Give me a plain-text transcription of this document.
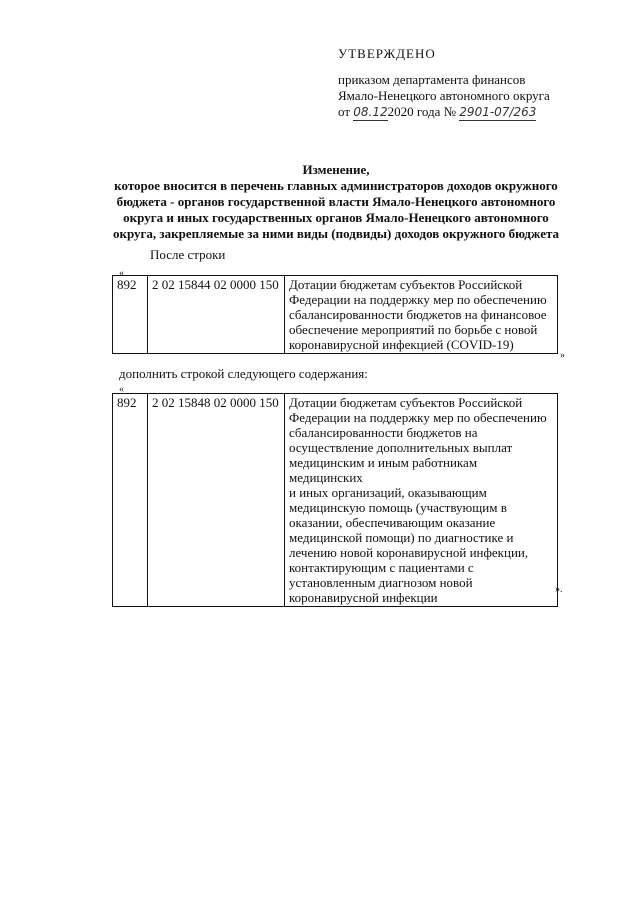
УТВЕРЖДЕНО
приказом департамента финансов
Ямало-Ненецкого автономного округа
от 08.122020 года № 2901-07/263
Изменение,
которое вносится в перечень главных администраторов доходов окружного
бюджета - органов государственной власти Ямало-Ненецкого автономного
округа и иных государственных органов Ямало-Ненецкого автономного
округа, закрепляемые за ними виды (подвиды) доходов окружного бюджета
После строки
«
892	2 02 15844 02 0000 150	Дотации бюджетам субъектов Российской
Федерации на поддержку мер по обеспечению
сбалансированности бюджетов на финансовое
обеспечение мероприятий по борьбе с новой
коронавирусной инфекцией (COVID-19)
»
дополнить строкой следующего содержания:
«
892	2 02 15848 02 0000 150	Дотации бюджетам субъектов Российской
Федерации на поддержку мер по обеспечению
сбалансированности бюджетов на
осуществление дополнительных выплат
медицинским и иным работникам медицинских
и иных организаций, оказывающим
медицинскую помощь (участвующим в
оказании, обеспечивающим оказание
медицинской помощи) по диагностике и
лечению новой коронавирусной инфекции,
контактирующим с пациентами с
установленным диагнозом новой
коронавирусной инфекции
».
